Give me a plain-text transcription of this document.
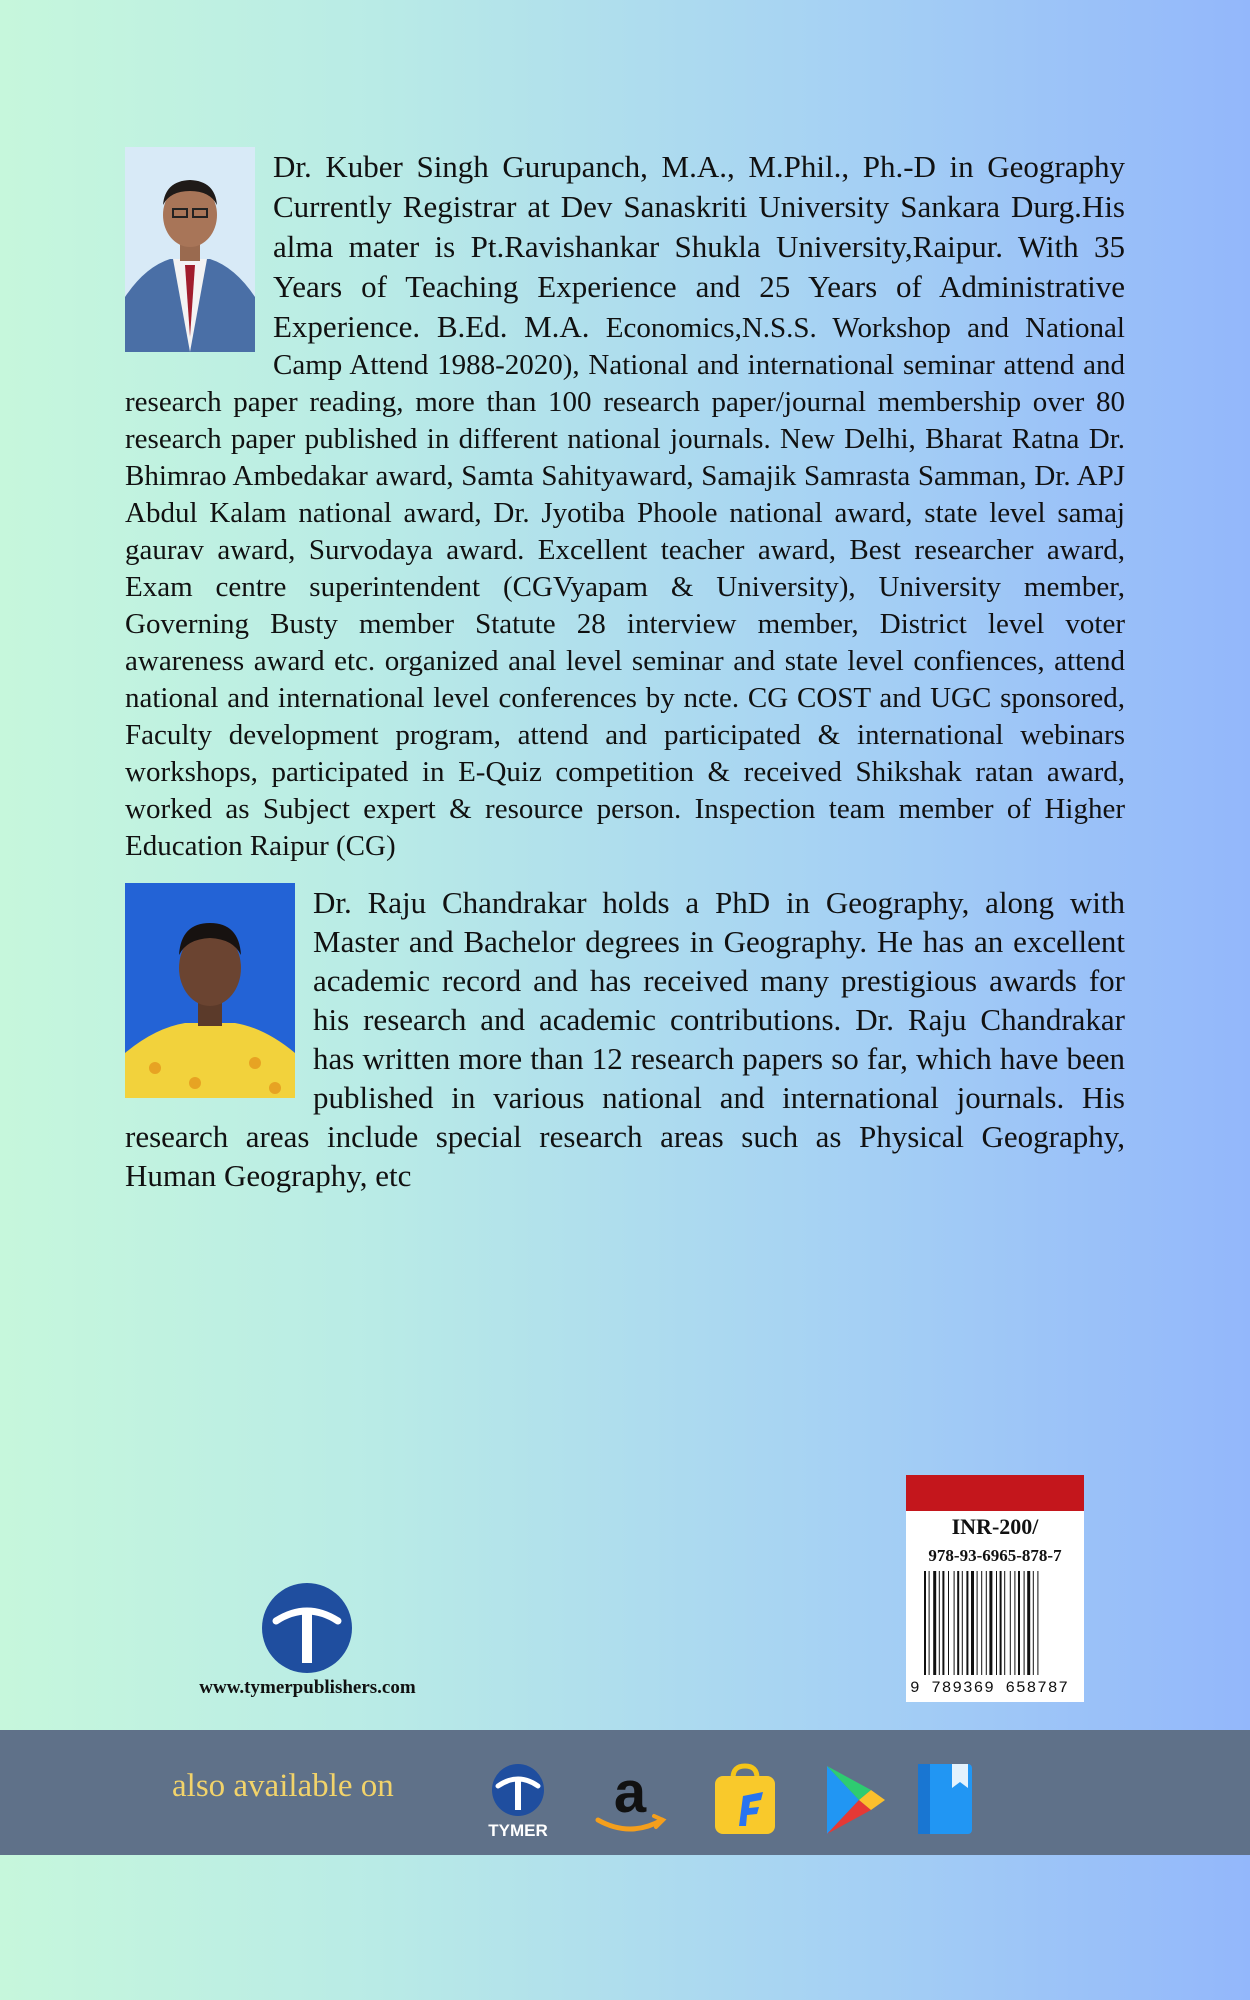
Dr. Kuber Singh Gurupanch, M.A., M.Phil., Ph.-D in Geography Currently Registrar at Dev Sanaskriti University Sankara Durg.His alma mater is Pt.Ravishankar Shukla University,Raipur. With 35 Years of Teaching Experience and 25 Years of Administrative Experience. B.Ed. M.A. Economics,N.S.S. Workshop and National Camp Attend 1988-2020), National and international seminar attend and research paper reading, more than 100 research paper/journal membership over 80 research paper published in different national journals. New Delhi, Bharat Ratna Dr. Bhimrao Ambedakar award, Samta Sahityaward, Samajik Samrasta Samman, Dr. APJ Abdul Kalam national award, Dr. Jyotiba Phoole national award, state level samaj gaurav award, Survodaya award. Excellent teacher award, Best researcher award, Exam centre superintendent (CGVyapam & University), University member, Governing Busty member Statute 28 interview member, District level voter awareness award etc. organized anal level seminar and state level confiences, attend national and international level conferences by ncte. CG COST and UGC sponsored, Faculty development program, attend and participated & international webinars workshops, participated in E-Quiz competition & received Shikshak ratan award, worked as Subject expert & resource person. Inspection team member of Higher Education Raipur (CG)
Dr. Raju Chandrakar holds a PhD in Geography, along with Master and Bachelor degrees in Geography. He has an excellent academic record and has received many prestigious awards for his research and academic contributions. Dr. Raju Chandrakar has written more than 12 research papers so far, which have been published in various national and international journals. His research areas include special research areas such as Physical Geography, Human Geography, etc
INR-200/
978-93-6965-878-7
9 789369 658787
www.tymerpublishers.com
also available on
TYMER
a
